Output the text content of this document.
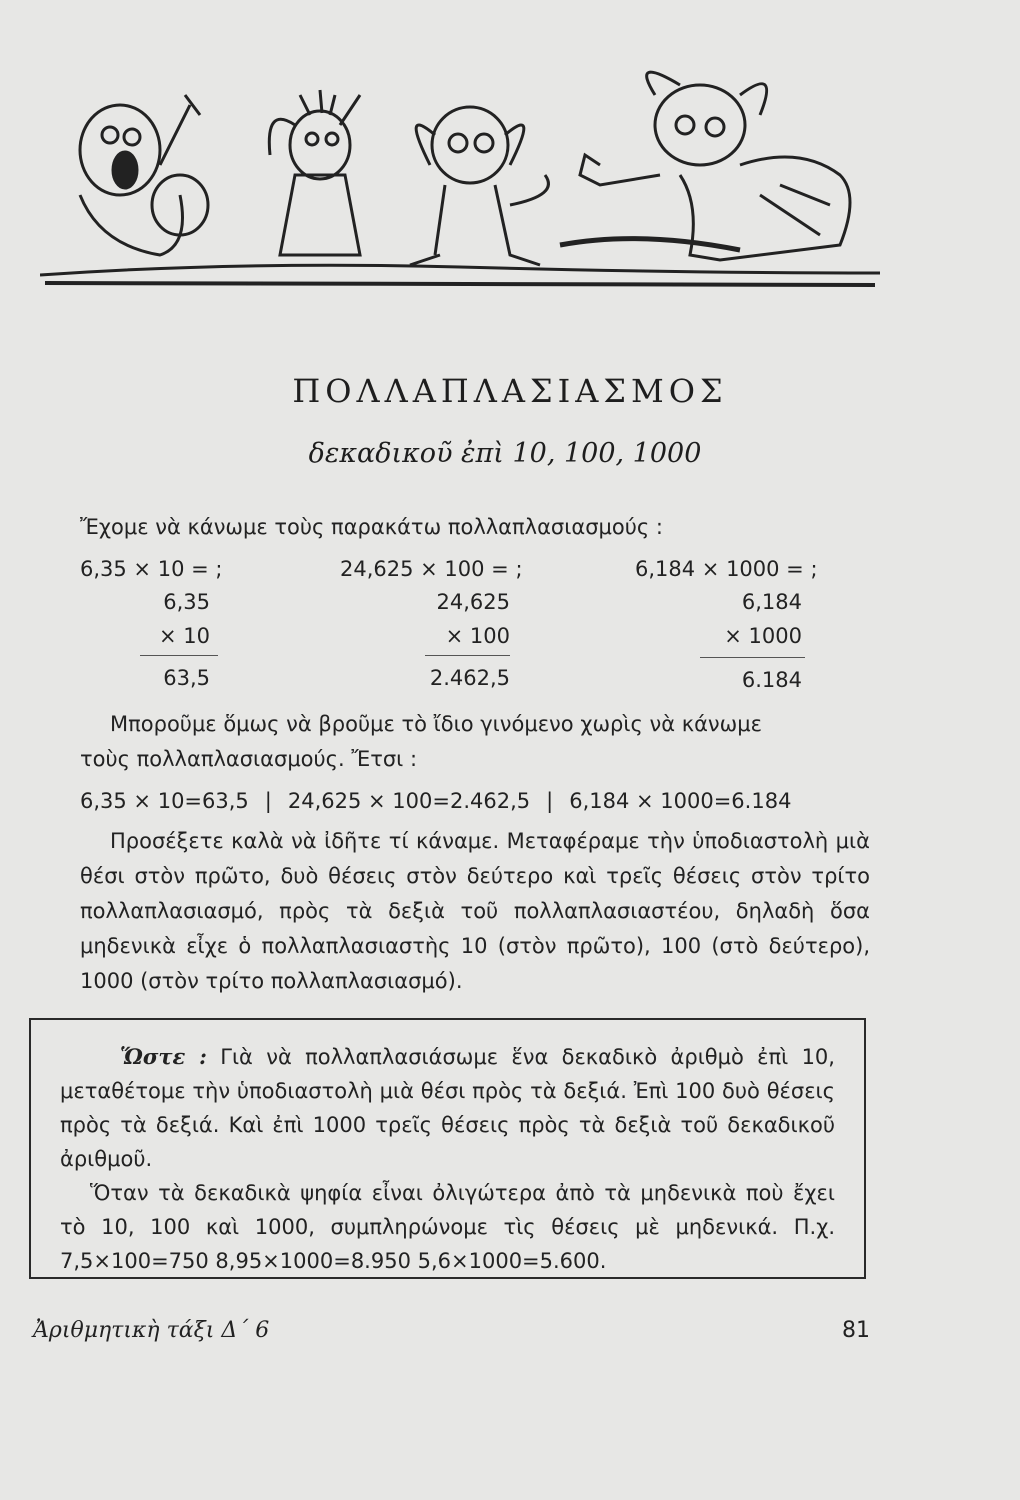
ΠΟΛΛΑΠΛΑΣΙΑΣΜΟΣ
δεκαδικοῦ ἐπὶ 10, 100, 1000
Ἔχομε νὰ κάνωμε τοὺς παρακάτω πολλαπλασιασμούς :
6,35 × 10 = ;	24,625 × 100 = ;	6,184 × 1000 = ;
6,35
× 10
63,5
24,625
× 100
2.462,5
6,184
× 1000
6.184
Μποροῦμε ὅμως νὰ βροῦμε τὸ ἴδιο γινόμενο χωρὶς νὰ κάνωμε
τοὺς πολλαπλασιασμούς. Ἔτσι :
6,35 × 10=63,5 | 24,625 × 100=2.462,5 | 6,184 × 1000=6.184
Προσέξετε καλὰ νὰ ἰδῆτε τί κάναμε. Μεταφέραμε τὴν ὑποδιαστολὴ μιὰ θέσι στὸν πρῶτο, δυὸ θέσεις στὸν δεύτερο καὶ τρεῖς θέσεις στὸν τρίτο πολλαπλασιασμό, πρὸς τὰ δεξιὰ τοῦ πολλαπλασιαστέου, δηλαδὴ ὅσα μηδενικὰ εἶχε ὁ πολλαπλασιαστὴς 10 (στὸν πρῶτο), 100 (στὸ δεύτερο), 1000 (στὸν τρίτο πολλαπλασιασμό).
Ὥστε : Γιὰ νὰ πολλαπλασιάσωμε ἕνα δεκαδικὸ ἀριθμὸ ἐπὶ 10, μεταθέτομε τὴν ὑποδιαστολὴ μιὰ θέσι πρὸς τὰ δεξιά. Ἐπὶ 100 δυὸ θέσεις πρὸς τὰ δεξιά. Καὶ ἐπὶ 1000 τρεῖς θέσεις πρὸς τὰ δεξιὰ τοῦ δεκαδικοῦ ἀριθμοῦ.
Ὅταν τὰ δεκαδικὰ ψηφία εἶναι ὀλιγώτερα ἀπὸ τὰ μηδενικὰ ποὺ ἔχει τὸ 10, 100 καὶ 1000, συμπληρώνομε τὶς θέσεις μὲ μηδενικά. Π.χ. 7,5×100=750 8,95×1000=8.950 5,6×1000=5.600.
Ἀριθμητικὴ τάξι Δ΄ 6	81
